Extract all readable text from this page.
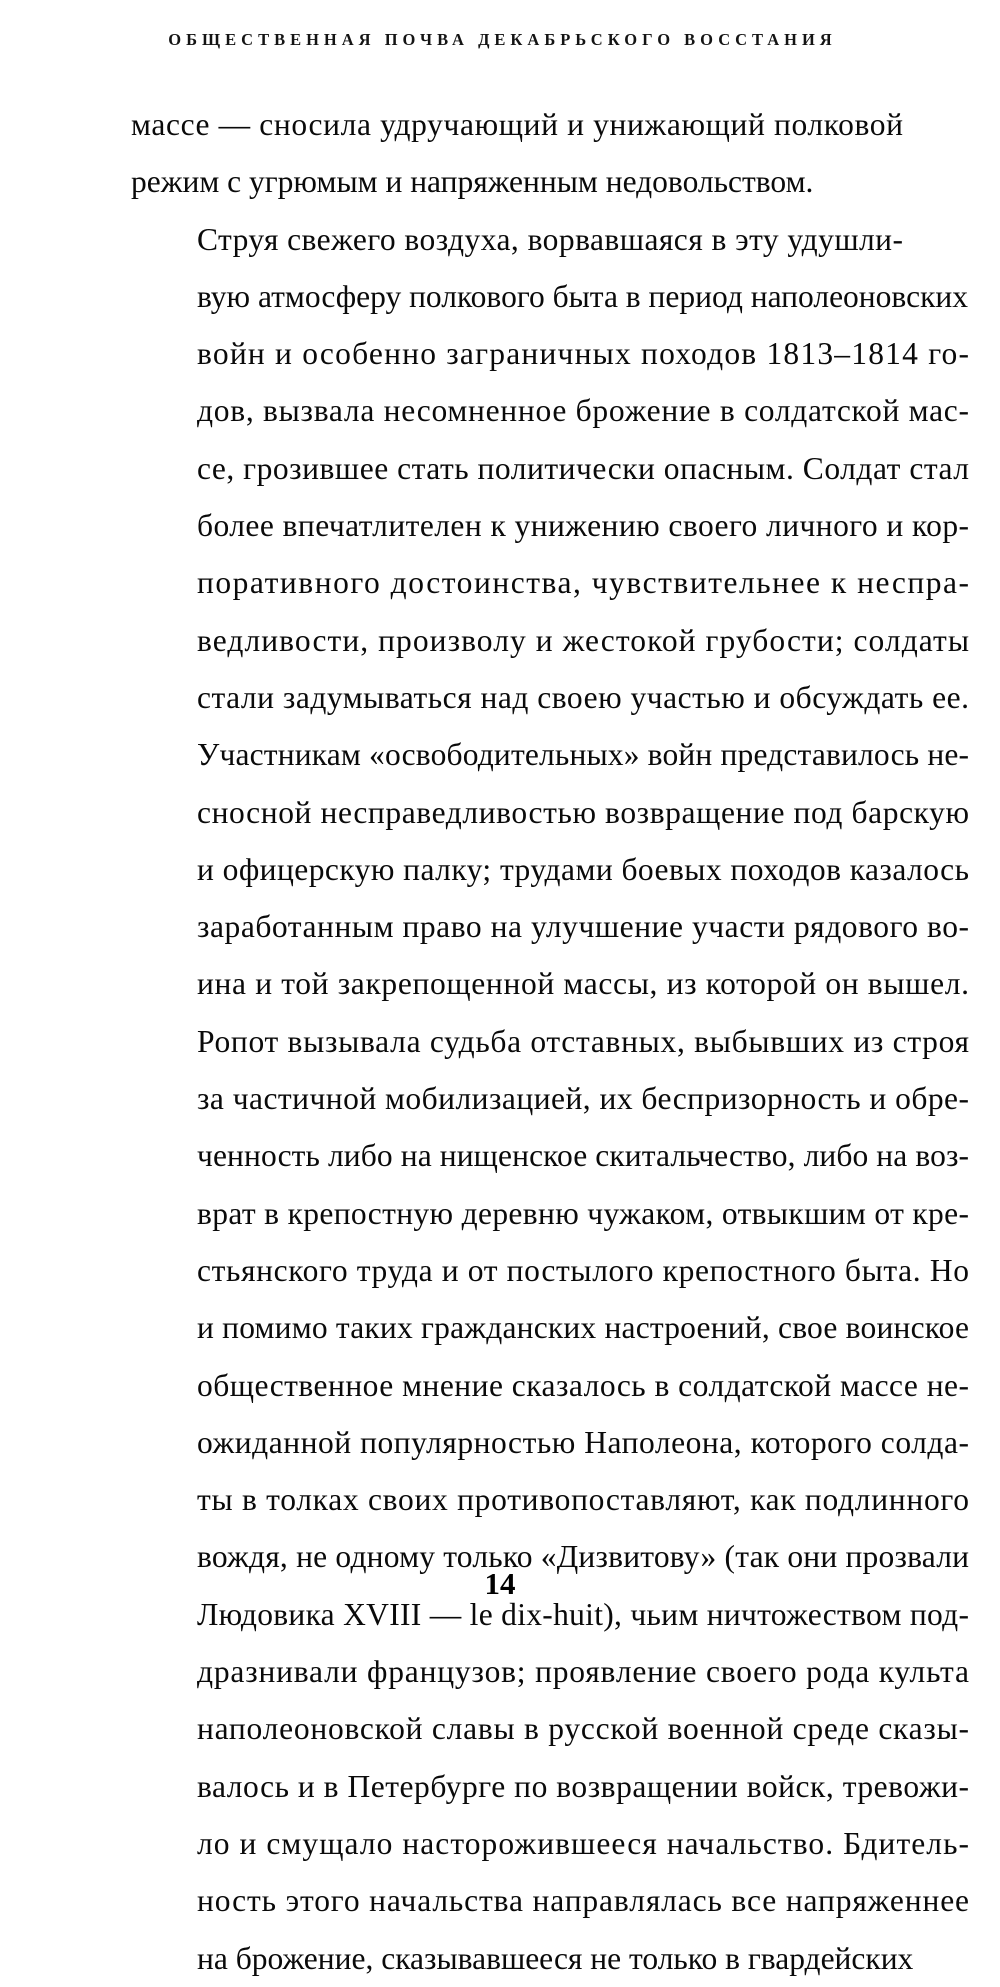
ОБЩЕСТВЕННАЯ ПОЧВА ДЕКАБРЬСКОГО ВОССТАНИЯ

массе — сносила удручающий и унижающий полковой
режим с угрюмым и напряженным недовольством.

Струя свежего воздуха, ворвавшаяся в эту удушли-
вую атмосферу полкового быта в период наполеоновских
войн и особенно заграничных походов 1813–1814 го-
дов, вызвала несомненное брожение в солдатской мас-
се, грозившее стать политически опасным. Солдат стал
более впечатлителен к унижению своего личного и кор-
поративного достоинства, чувствительнее к неспра-
ведливости, произволу и жестокой грубости; солдаты
стали задумываться над своею участью и обсуждать ее.
Участникам «освободительных» войн представилось не-
сносной несправедливостью возвращение под барскую
и офицерскую палку; трудами боевых походов казалось
заработанным право на улучшение участи рядового во-
ина и той закрепощенной массы, из которой он вышел.
Ропот вызывала судьба отставных, выбывших из строя
за частичной мобилизацией, их беспризорность и обре-
ченность либо на нищенское скитальчество, либо на воз-
врат в крепостную деревню чужаком, отвыкшим от кре-
стьянского труда и от постылого крепостного быта. Но
и помимо таких гражданских настроений, свое воинское
общественное мнение сказалось в солдатской массе не-
ожиданной популярностью Наполеона, которого солда-
ты в толках своих противопоставляют, как подлинного
вождя, не одному только «Дизвитову» (так они прозвали
Людовика XVIII — le dix-huit), чьим ничтожеством под-
дразнивали французов; проявление своего рода культа
наполеоновской славы в русской военной среде сказы-
валось и в Петербурге по возвращении войск, тревожи-
ло и смущало насторожившееся начальство. Бдитель-
ность этого начальства направлялась все напряженнее
на брожение, сказывавшееся не только в гвардейских

14
